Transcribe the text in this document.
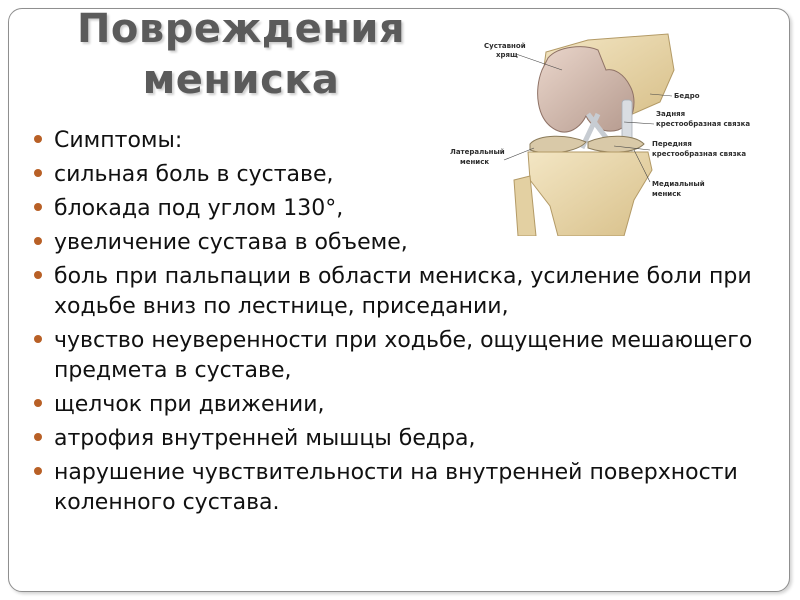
Повреждения
мениска
Суставной хрящ
Бедро
Задняя крестообразная связка
Передняя крестообразная связка
Латеральный мениск
Медиальный мениск
Симптомы:
сильная боль в суставе,
блокада под углом 130°,
увеличение сустава в объеме,
боль при пальпации в области мениска, усиление боли при ходьбе вниз по лестнице, приседании,
чувство неуверенности при ходьбе, ощущение мешающего предмета в суставе,
щелчок при движении,
атрофия внутренней мышцы бедра,
нарушение чувствительности на внутренней поверхности коленного сустава.
